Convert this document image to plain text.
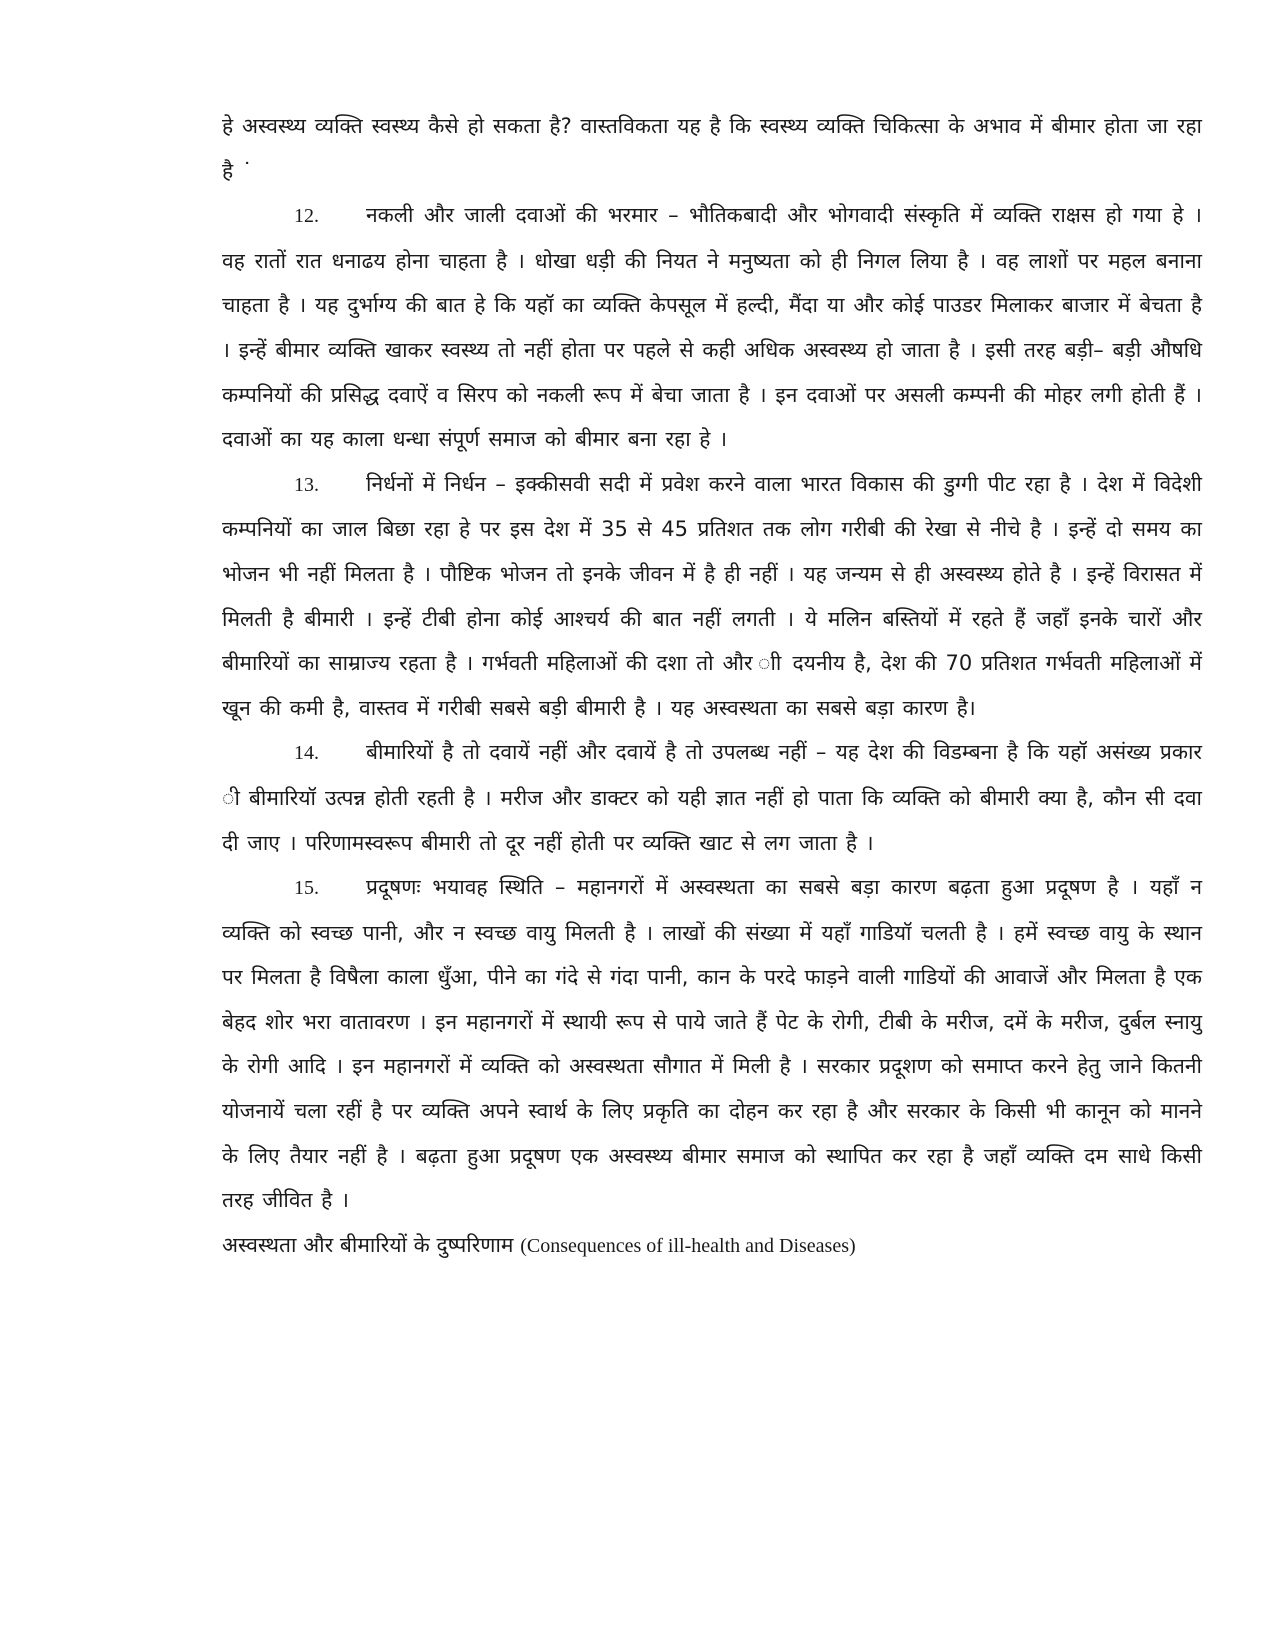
हे अस्वस्थ्य व्यक्ति स्वस्थ्य कैसे हो सकता है? वास्तविकता यह है कि स्वस्थ्य व्यक्ति चिकित्सा के अभाव में बीमार होता जा रहा है ˙

12. नकली और जाली दवाओं की भरमार – भौतिकबादी और भोगवादी संस्कृति में व्यक्ति राक्षस हो गया हे । वह रातों रात धनाढय होना चाहता है । धोखा धड़ी की नियत ने मनुष्यता को ही निगल लिया है । वह लाशों पर महल बनाना चाहता है । यह दुर्भाग्य की बात हे कि यहॉ का व्यक्ति केपसूल में हल्दी, मैंदा या और कोई पाउडर मिलाकर बाजार में बेचता है । इन्हें बीमार व्यक्ति खाकर स्वस्थ्य तो नहीं होता पर पहले से कही अधिक अस्वस्थ्य हो जाता है । इसी तरह बड़ी– बड़ी औषधि कम्पनियों की प्रसिद्ध दवाऐं व सिरप को नकली रूप में बेचा जाता है । इन दवाओं पर असली कम्पनी की मोहर लगी होती हैं । दवाओं का यह काला धन्धा संपूर्ण समाज को बीमार बना रहा हे ।

13. निर्धनों में निर्धन – इक्कीसवी सदी में प्रवेश करने वाला भारत विकास की डुग्गी पीट रहा है । देश में विदेशी कम्पनियों का जाल बिछा रहा हे पर इस देश में 35 से 45 प्रतिशत तक लोग गरीबी की रेखा से नीचे है । इन्हें दो समय का भोजन भी नहीं मिलता है । पौष्टिक भोजन तो इनके जीवन में है ही नहीं । यह जन्यम से ही अस्वस्थ्य होते है । इन्हें विरासत में मिलती है बीमारी । इन्हें टीबी होना कोई आश्चर्य की बात नहीं लगती । ये मलिन बस्तियों में रहते हैं जहॉं इनके चारों और बीमारियों का साम्राज्य रहता है । गर्भवती महिलाओं की दशा तो और ाी दयनीय है, देश की 70 प्रतिशत गर्भवती महिलाओं में खून की कमी है, वास्तव में गरीबी सबसे बड़ी बीमारी है । यह अस्वस्थता का सबसे बड़ा कारण है।

14. बीमारियों है तो दवायें नहीं और दवायें है तो उपलब्ध नहीं – यह देश की विडम्बना है कि यहॉ असंख्य प्रकार ी बीमारियॉ उत्पन्न होती रहती है । मरीज और डाक्टर को यही ज्ञात नहीं हो पाता कि व्यक्ति को बीमारी क्या है, कौन सी दवा दी जाए । परिणामस्वरूप बीमारी तो दूर नहीं होती पर व्यक्ति खाट से लग जाता है ।

15. प्रदूषणः भयावह स्थिति – महानगरों में अस्वस्थता का सबसे बड़ा कारण बढ़ता हुआ प्रदूषण है । यहॉं न व्यक्ति को स्वच्छ पानी, और न स्वच्छ वायु मिलती है । लाखों की संख्या में यहॉं गाडियॉ चलती है । हमें स्वच्छ वायु के स्थान पर मिलता है विषैला काला धुँआ, पीने का गंदे से गंदा पानी, कान के परदे फाड़ने वाली गाडियों की आवाजें और मिलता है एक बेहद शोर भरा वातावरण । इन महानगरों में स्थायी रूप से पाये जाते हैं पेट के रोगी, टीबी के मरीज, दमें के मरीज, दुर्बल स्नायु के रोगी आदि । इन महानगरों में व्यक्ति को अस्वस्थता सौगात में मिली है । सरकार प्रदूशण को समाप्त करने हेतु जाने कितनी योजनायें चला रहीं है पर व्यक्ति अपने स्वार्थ के लिए प्रकृति का दोहन कर रहा है और सरकार के किसी भी कानून को मानने के लिए तैयार नहीं है । बढ़ता हुआ प्रदूषण एक अस्वस्थ्य बीमार समाज को स्थापित कर रहा है जहॉं व्यक्ति दम साधे किसी तरह जीवित है ।

अस्वस्थता और बीमारियों के दुष्परिणाम (Consequences of ill-health and Diseases)
